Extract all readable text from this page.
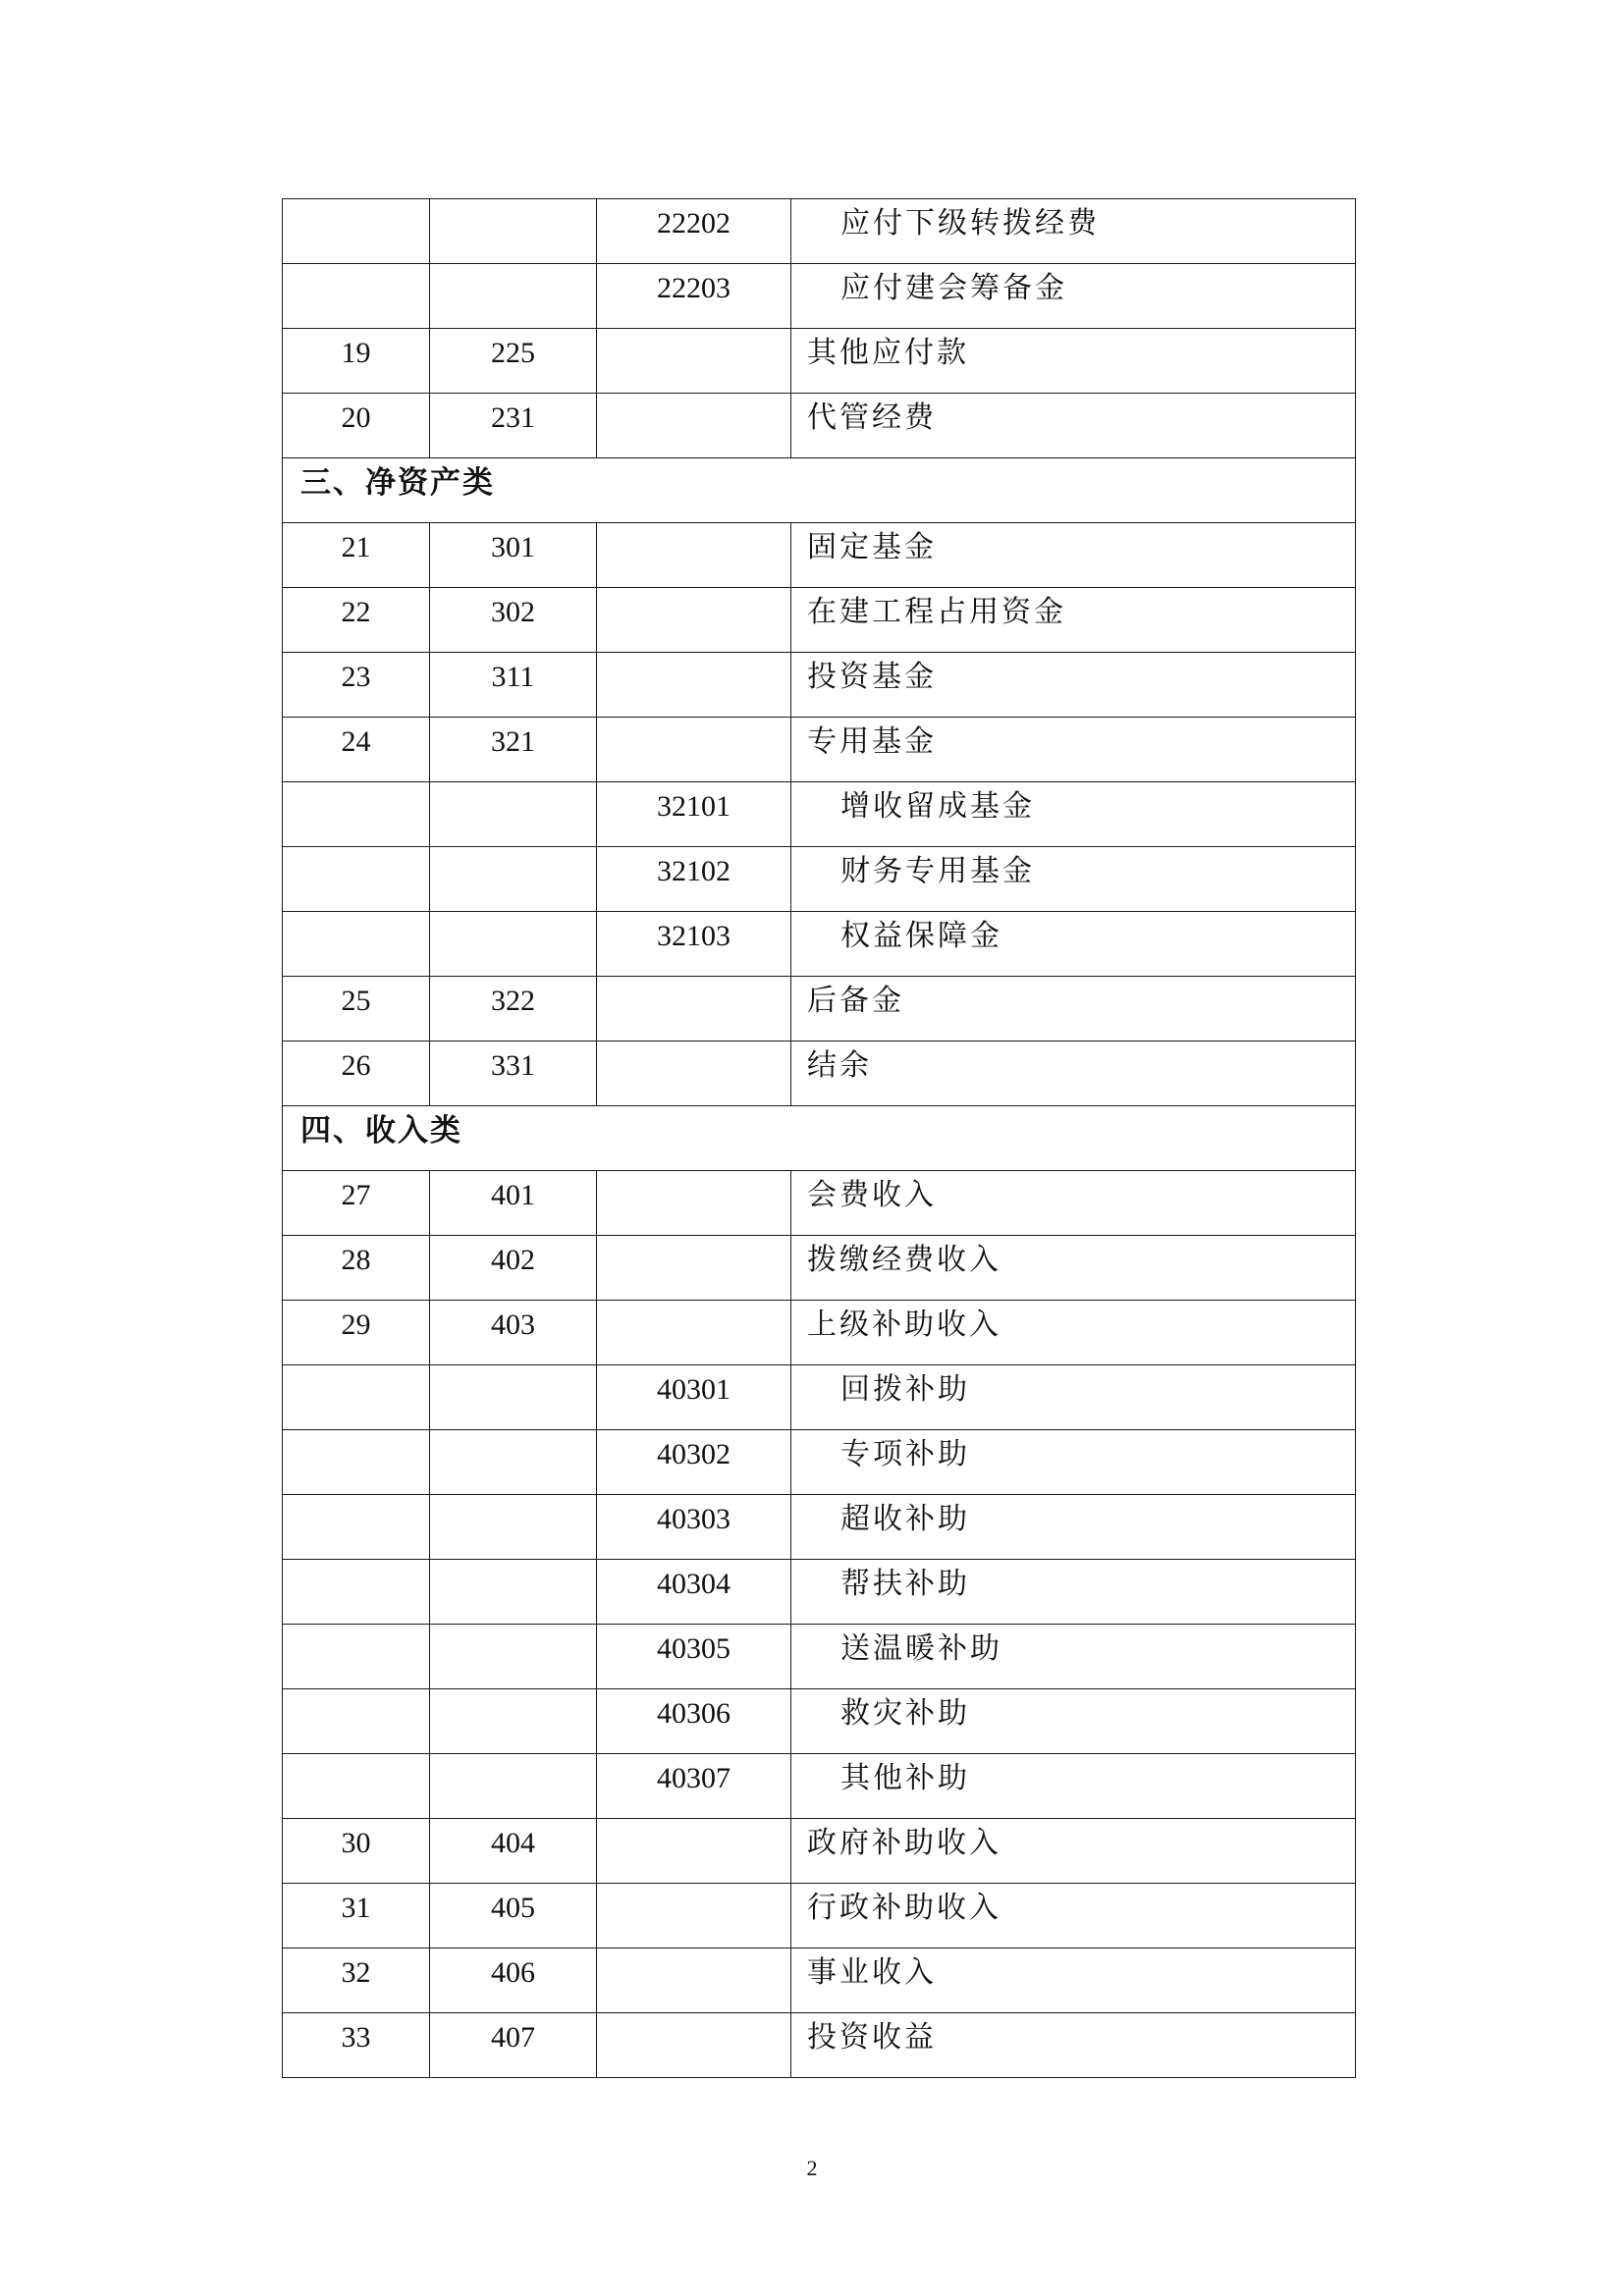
		22202	应付下级转拨经费
		22203	应付建会筹备金
19	225		其他应付款
20	231		代管经费
三、净资产类			
21	301		固定基金
22	302		在建工程占用资金
23	311		投资基金
24	321		专用基金
		32101	增收留成基金
		32102	财务专用基金
		32103	权益保障金
25	322		后备金
26	331		结余
四、收入类			
27	401		会费收入
28	402		拨缴经费收入
29	403		上级补助收入
		40301	回拨补助
		40302	专项补助
		40303	超收补助
		40304	帮扶补助
		40305	送温暖补助
		40306	救灾补助
		40307	其他补助
30	404		政府补助收入
31	405		行政补助收入
32	406		事业收入
33	407		投资收益
2
